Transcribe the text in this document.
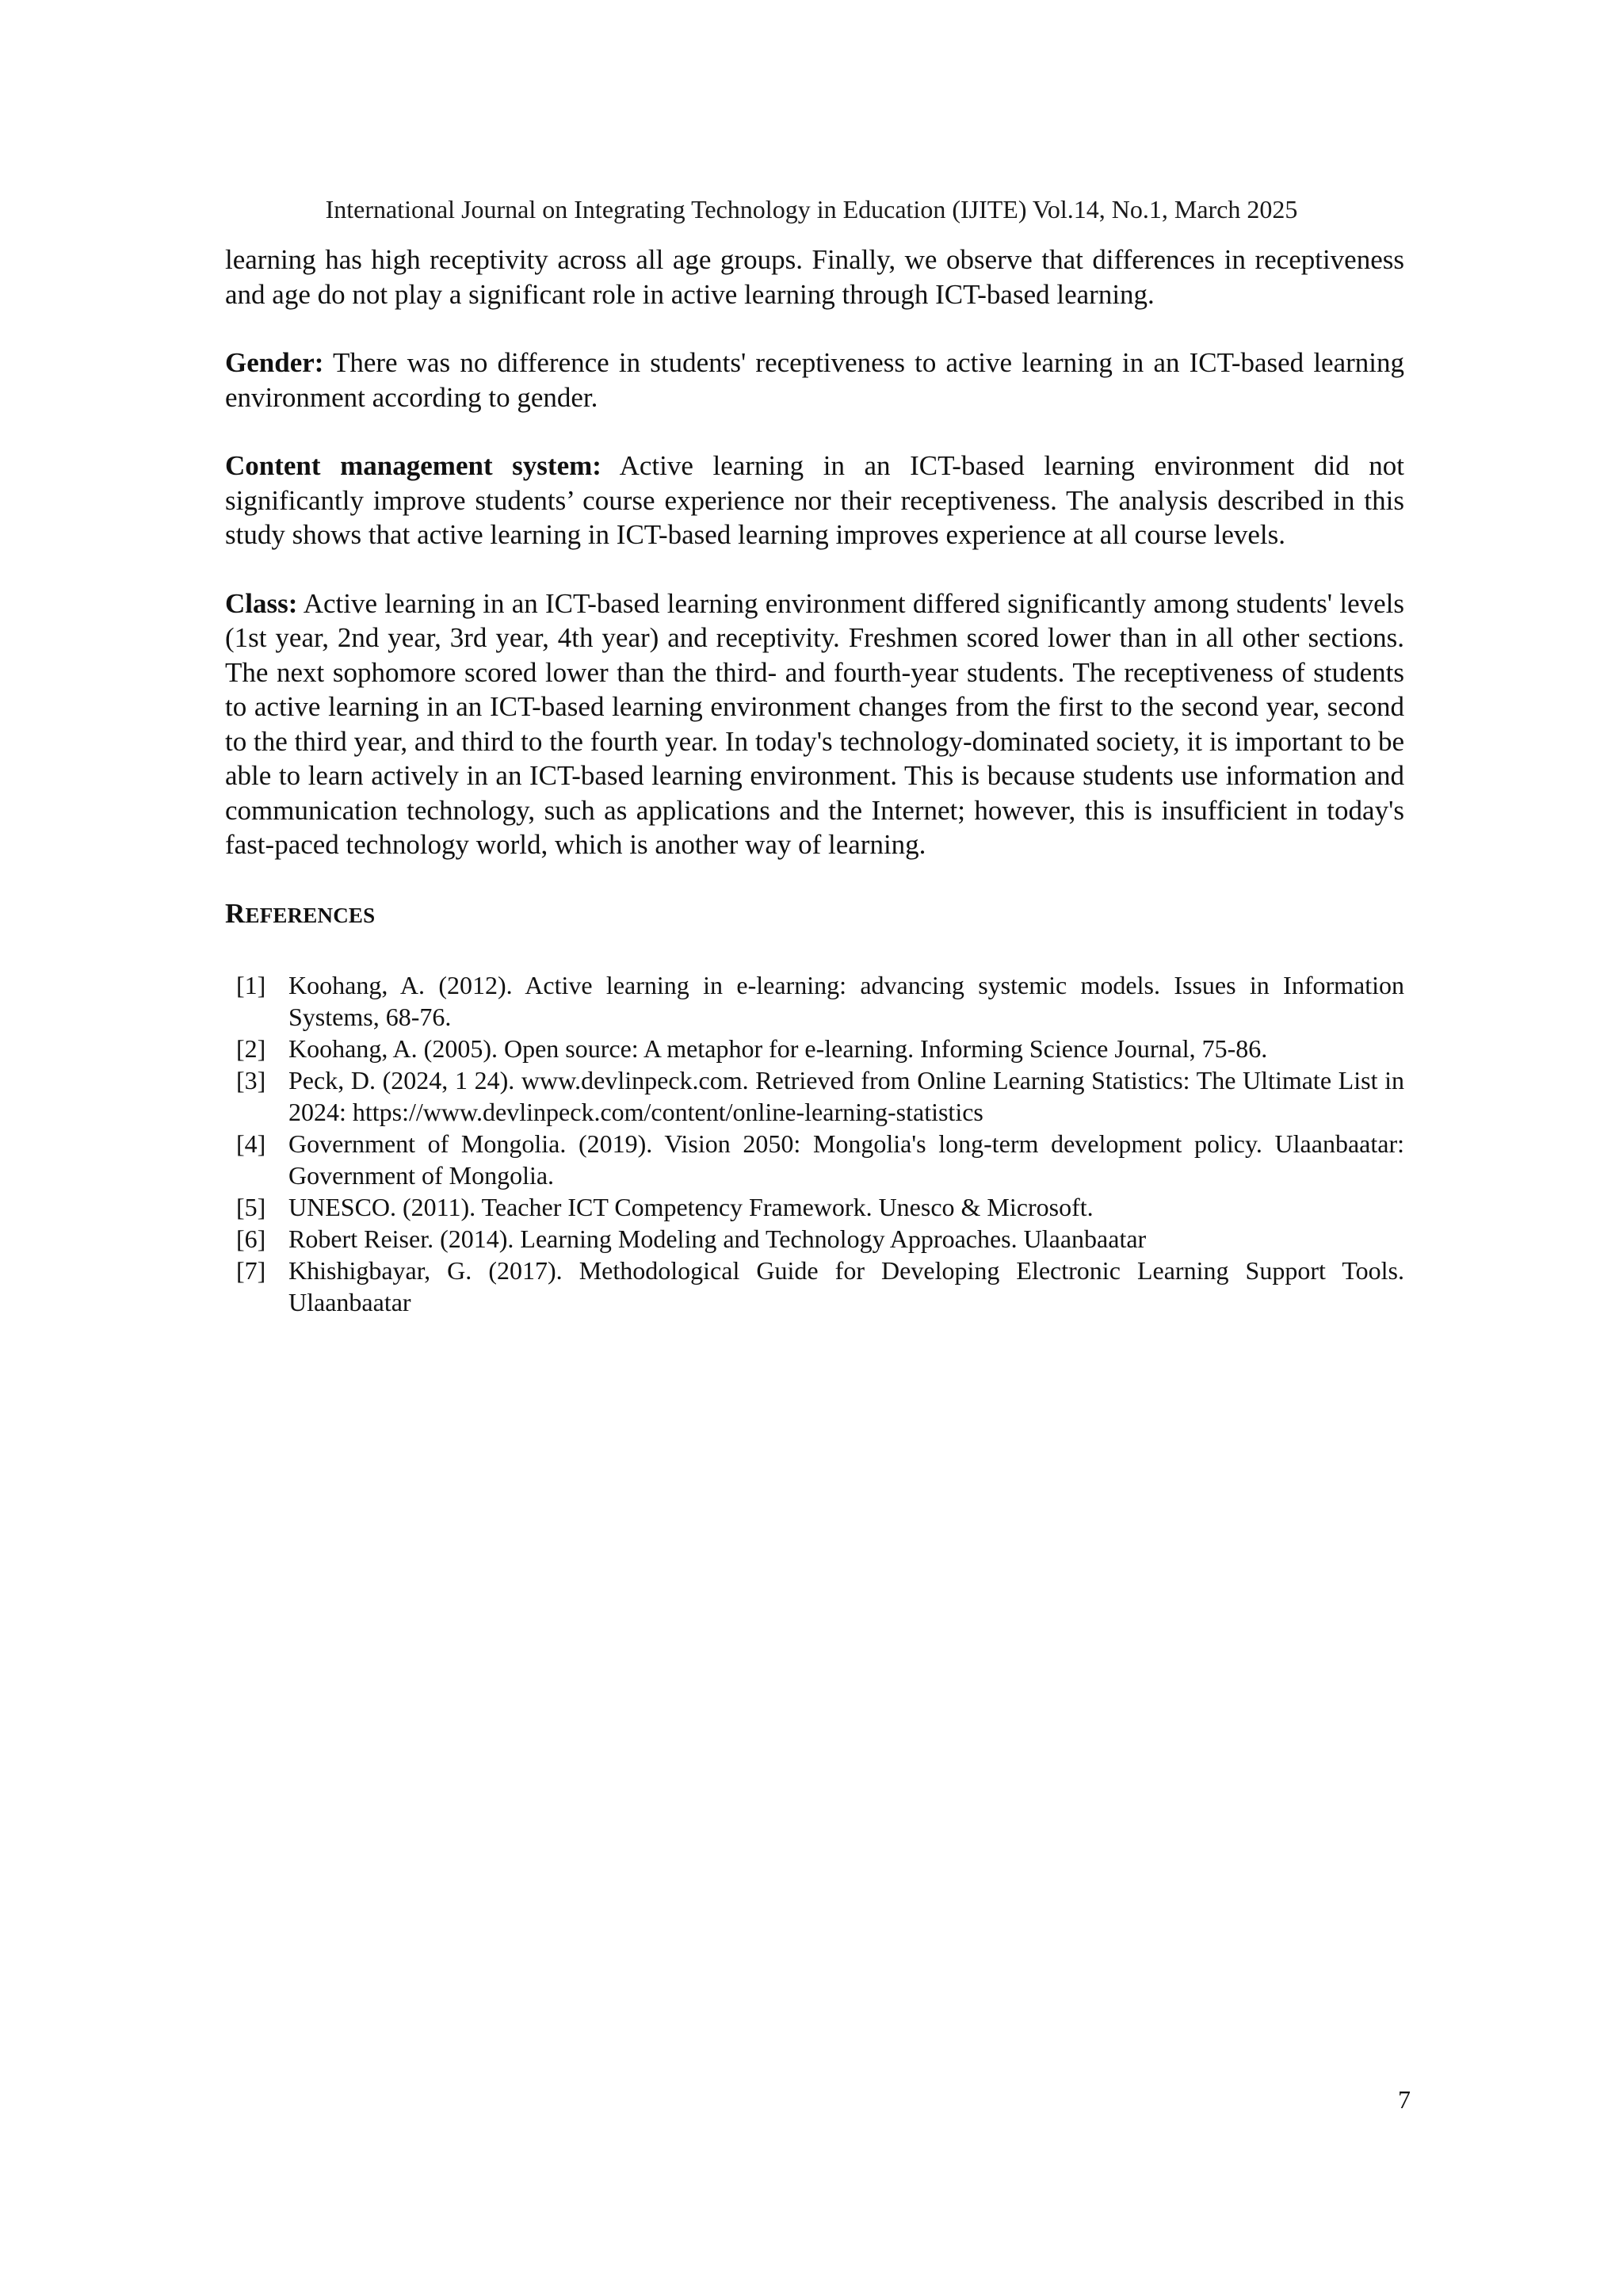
International Journal on Integrating Technology in Education (IJITE) Vol.14, No.1, March 2025

learning has high receptivity across all age groups. Finally, we observe that differences in receptiveness and age do not play a significant role in active learning through ICT-based learning.

Gender: There was no difference in students' receptiveness to active learning in an ICT-based learning environment according to gender.

Content management system: Active learning in an ICT-based learning environment did not significantly improve students’ course experience nor their receptiveness. The analysis described in this study shows that active learning in ICT-based learning improves experience at all course levels.

Class: Active learning in an ICT-based learning environment differed significantly among students' levels (1st year, 2nd year, 3rd year, 4th year) and receptivity. Freshmen scored lower than in all other sections. The next sophomore scored lower than the third- and fourth-year students. The receptiveness of students to active learning in an ICT-based learning environment changes from the first to the second year, second to the third year, and third to the fourth year. In today's technology-dominated society, it is important to be able to learn actively in an ICT-based learning environment. This is because students use information and communication technology, such as applications and the Internet; however, this is insufficient in today's fast-paced technology world, which is another way of learning.

REFERENCES
[1] Koohang, A. (2012). Active learning in e-learning: advancing systemic models. Issues in Information Systems, 68-76.
[2] Koohang, A. (2005). Open source: A metaphor for e-learning. Informing Science Journal, 75-86.
[3] Peck, D. (2024, 1 24). www.devlinpeck.com. Retrieved from Online Learning Statistics: The Ultimate List in 2024: https://www.devlinpeck.com/content/online-learning-statistics
[4] Government of Mongolia. (2019). Vision 2050: Mongolia's long-term development policy. Ulaanbaatar: Government of Mongolia.
[5] UNESCO. (2011). Teacher ICT Competency Framework. Unesco & Microsoft.
[6] Robert Reiser. (2014). Learning Modeling and Technology Approaches. Ulaanbaatar
[7] Khishigbayar, G. (2017). Methodological Guide for Developing Electronic Learning Support Tools. Ulaanbaatar
7
